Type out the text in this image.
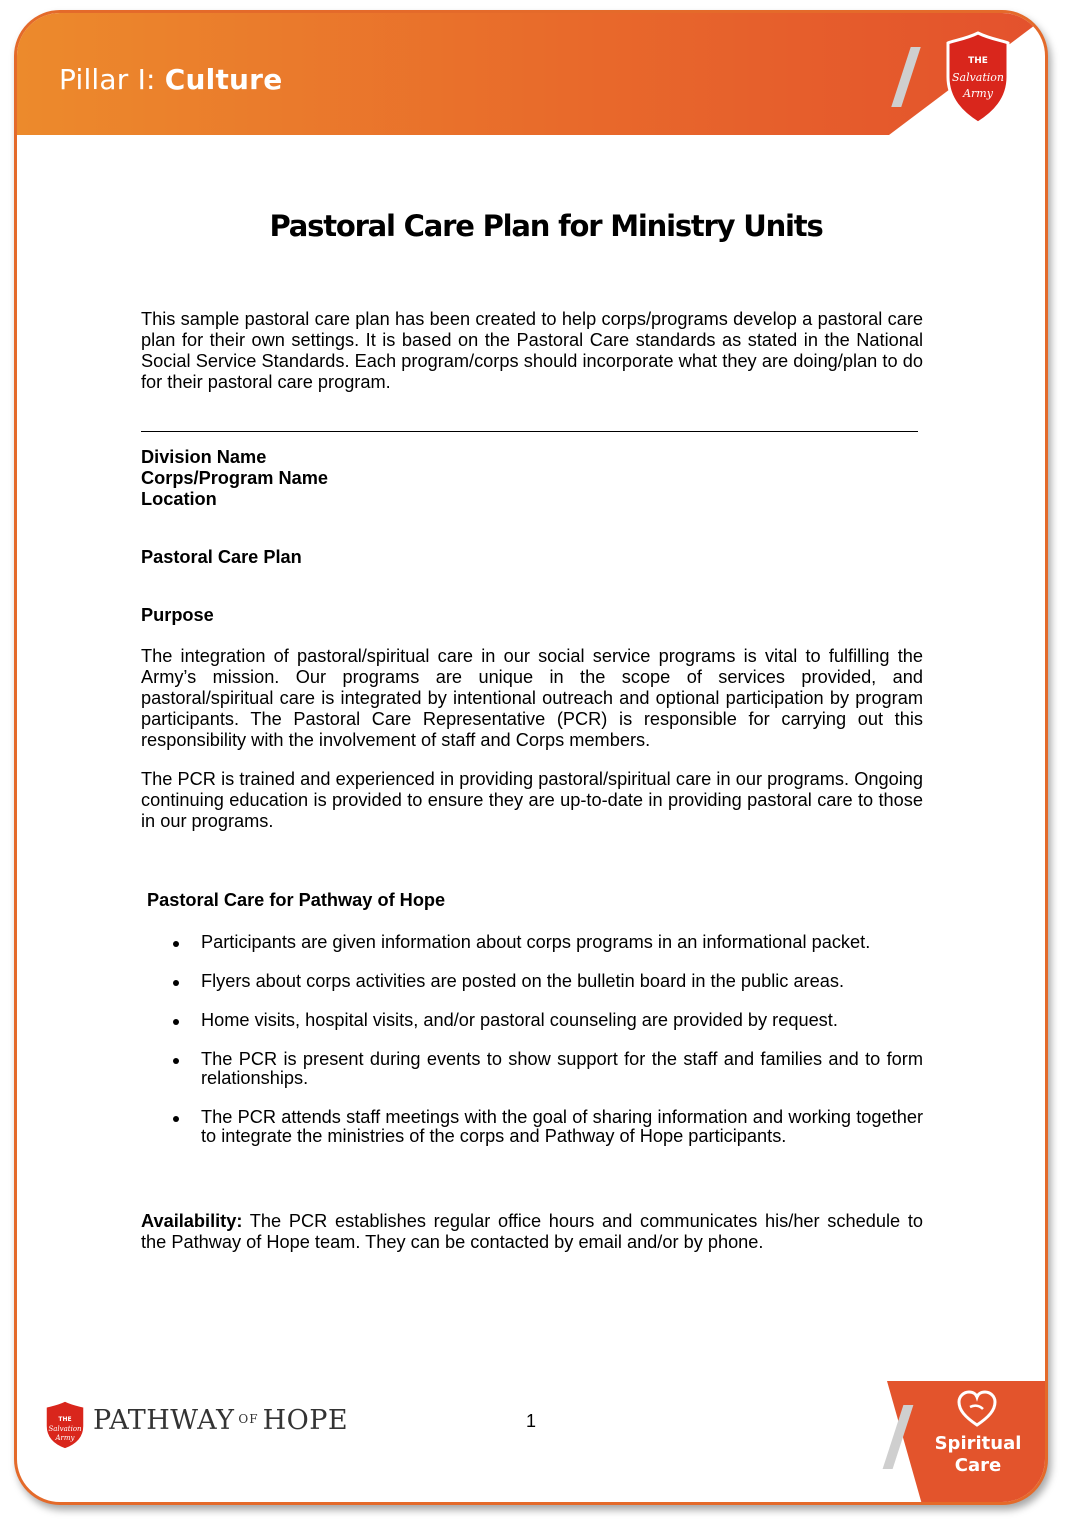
Pillar I: Culture
THE
Salvation
Army
Pastoral Care Plan for Ministry Units

This sample pastoral care plan has been created to help corps/programs develop a pastoral care plan for their own settings. It is based on the Pastoral Care standards as stated in the National Social Service Standards. Each program/corps should incorporate what they are doing/plan to do for their pastoral care program.

Division Name
Corps/Program Name
Location
Pastoral Care Plan
Purpose

The integration of pastoral/spiritual care in our social service programs is vital to fulfilling the Army’s mission. Our programs are unique in the scope of services provided, and pastoral/spiritual care is integrated by intentional outreach and optional participation by program participants. The Pastoral Care Representative (PCR) is responsible for carrying out this responsibility with the involvement of staff and Corps members.

The PCR is trained and experienced in providing pastoral/spiritual care in our programs. Ongoing continuing education is provided to ensure they are up-to-date in providing pastoral care to those in our programs.

Pastoral Care for Pathway of Hope
Participants are given information about corps programs in an informational packet.
Flyers about corps activities are posted on the bulletin board in the public areas.
Home visits, hospital visits, and/or pastoral counseling are provided by request.
The PCR is present during events to show support for the staff and families and to form relationships.
The PCR attends staff meetings with the goal of sharing information and working together to integrate the ministries of the corps and Pathway of Hope participants.

Availability: The PCR establishes regular office hours and communicates his/her schedule to the Pathway of Hope team. They can be contacted by email and/or by phone.

THE
Salvation
Army
PATHWAY $^{OF}$ HOPE	1
Spiritual
Care
